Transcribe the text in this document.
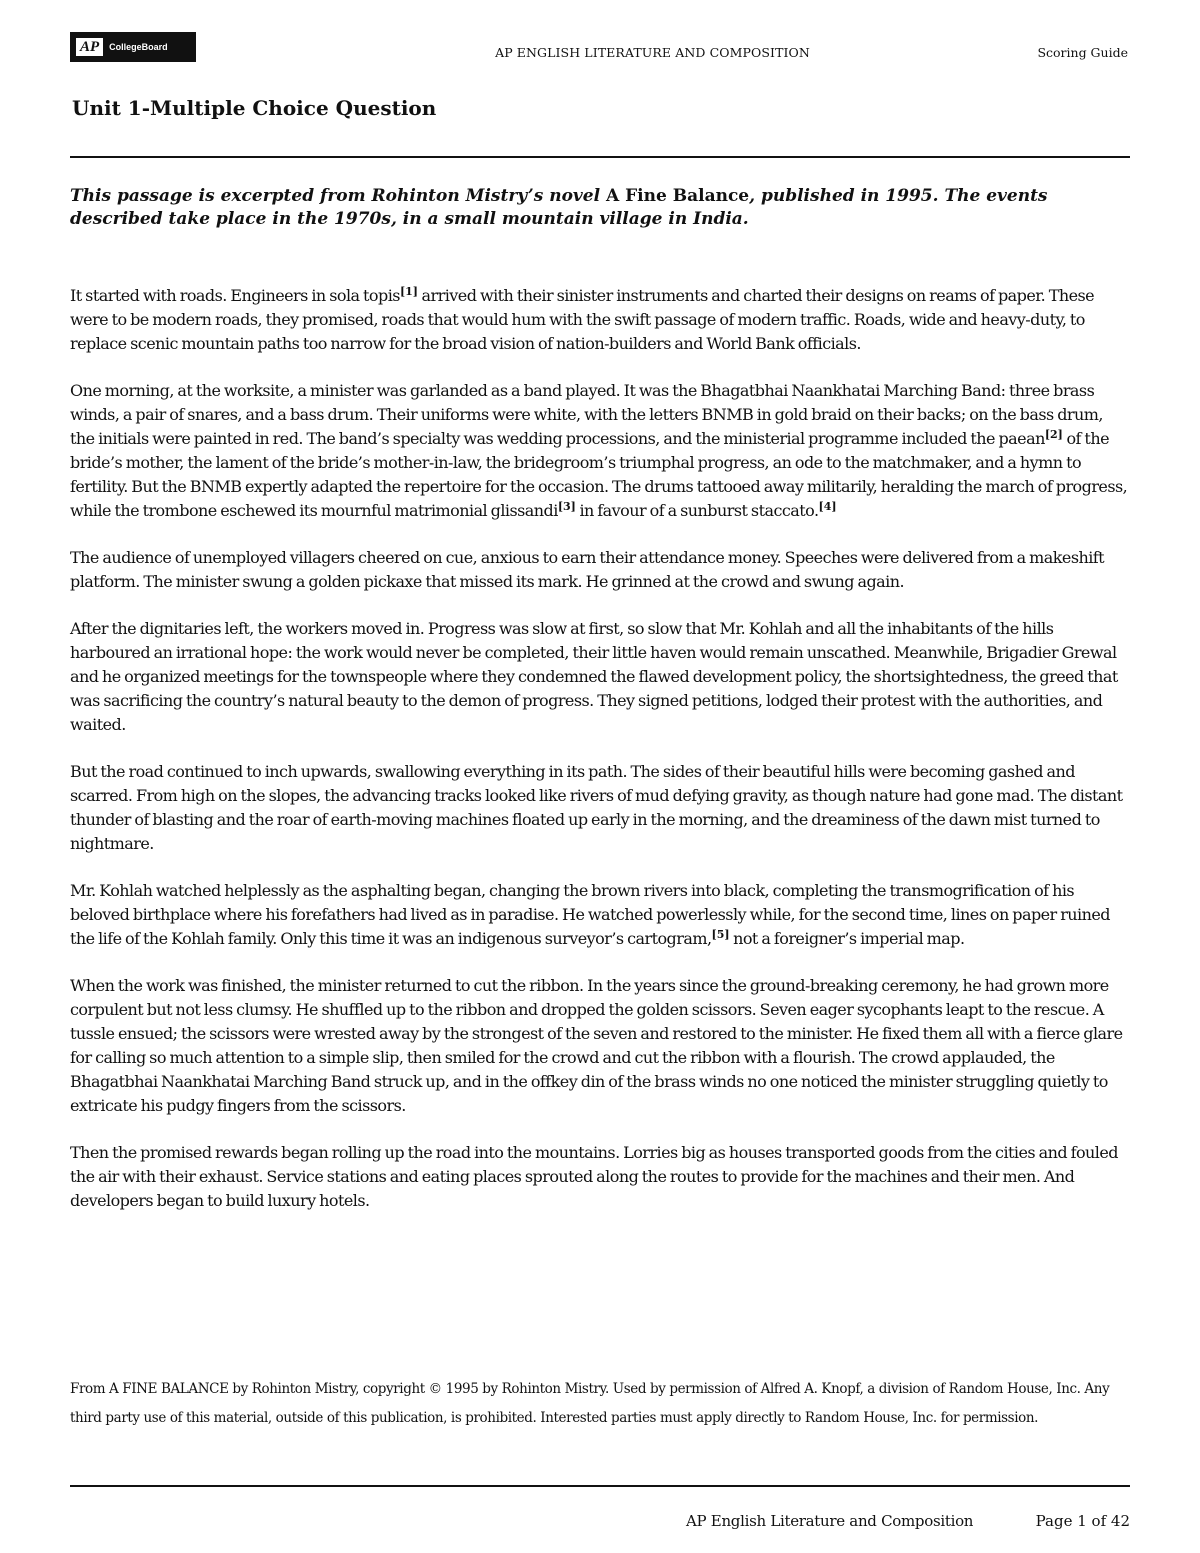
AP	CollegeBoard	AP ENGLISH LITERATURE AND COMPOSITION	Scoring Guide
Unit 1-Multiple Choice Question
This passage is excerpted from Rohinton Mistry’s novel A Fine Balance, published in 1995. The events described take place in the 1970s, in a small mountain village in India.

It started with roads. Engineers in sola topis[1] arrived with their sinister instruments and charted their designs on reams of paper. These were to be modern roads, they promised, roads that would hum with the swift passage of modern traffic. Roads, wide and heavy-duty, to replace scenic mountain paths too narrow for the broad vision of nation-builders and World Bank officials.

One morning, at the worksite, a minister was garlanded as a band played. It was the Bhagatbhai Naankhatai Marching Band: three brass winds, a pair of snares, and a bass drum. Their uniforms were white, with the letters BNMB in gold braid on their backs; on the bass drum, the initials were painted in red. The band’s specialty was wedding processions, and the ministerial programme included the paean[2] of the bride’s mother, the lament of the bride’s mother-in-law, the bridegroom’s triumphal progress, an ode to the matchmaker, and a hymn to fertility. But the BNMB expertly adapted the repertoire for the occasion. The drums tattooed away militarily, heralding the march of progress, while the trombone eschewed its mournful matrimonial glissandi[3] in favour of a sunburst staccato.[4]

The audience of unemployed villagers cheered on cue, anxious to earn their attendance money. Speeches were delivered from a makeshift platform. The minister swung a golden pickaxe that missed its mark. He grinned at the crowd and swung again.

After the dignitaries left, the workers moved in. Progress was slow at first, so slow that Mr. Kohlah and all the inhabitants of the hills harboured an irrational hope: the work would never be completed, their little haven would remain unscathed. Meanwhile, Brigadier Grewal and he organized meetings for the townspeople where they condemned the flawed development policy, the shortsightedness, the greed that was sacrificing the country’s natural beauty to the demon of progress. They signed petitions, lodged their protest with the authorities, and waited.

But the road continued to inch upwards, swallowing everything in its path. The sides of their beautiful hills were becoming gashed and scarred. From high on the slopes, the advancing tracks looked like rivers of mud defying gravity, as though nature had gone mad. The distant thunder of blasting and the roar of earth-moving machines floated up early in the morning, and the dreaminess of the dawn mist turned to nightmare.

Mr. Kohlah watched helplessly as the asphalting began, changing the brown rivers into black, completing the transmogrification of his beloved birthplace where his forefathers had lived as in paradise. He watched powerlessly while, for the second time, lines on paper ruined the life of the Kohlah family. Only this time it was an indigenous surveyor’s cartogram,[5] not a foreigner’s imperial map.

When the work was finished, the minister returned to cut the ribbon. In the years since the ground-breaking ceremony, he had grown more corpulent but not less clumsy. He shuffled up to the ribbon and dropped the golden scissors. Seven eager sycophants leapt to the rescue. A tussle ensued; the scissors were wrested away by the strongest of the seven and restored to the minister. He fixed them all with a fierce glare for calling so much attention to a simple slip, then smiled for the crowd and cut the ribbon with a flourish. The crowd applauded, the Bhagatbhai Naankhatai Marching Band struck up, and in the offkey din of the brass winds no one noticed the minister struggling quietly to extricate his pudgy fingers from the scissors.

Then the promised rewards began rolling up the road into the mountains. Lorries big as houses transported goods from the cities and fouled the air with their exhaust. Service stations and eating places sprouted along the routes to provide for the machines and their men. And developers began to build luxury hotels.

From A FINE BALANCE by Rohinton Mistry, copyright © 1995 by Rohinton Mistry. Used by permission of Alfred A. Knopf, a division of Random House, Inc. Any third party use of this material, outside of this publication, is prohibited. Interested parties must apply directly to Random House, Inc. for permission.
AP English Literature and Composition	Page 1 of 42
